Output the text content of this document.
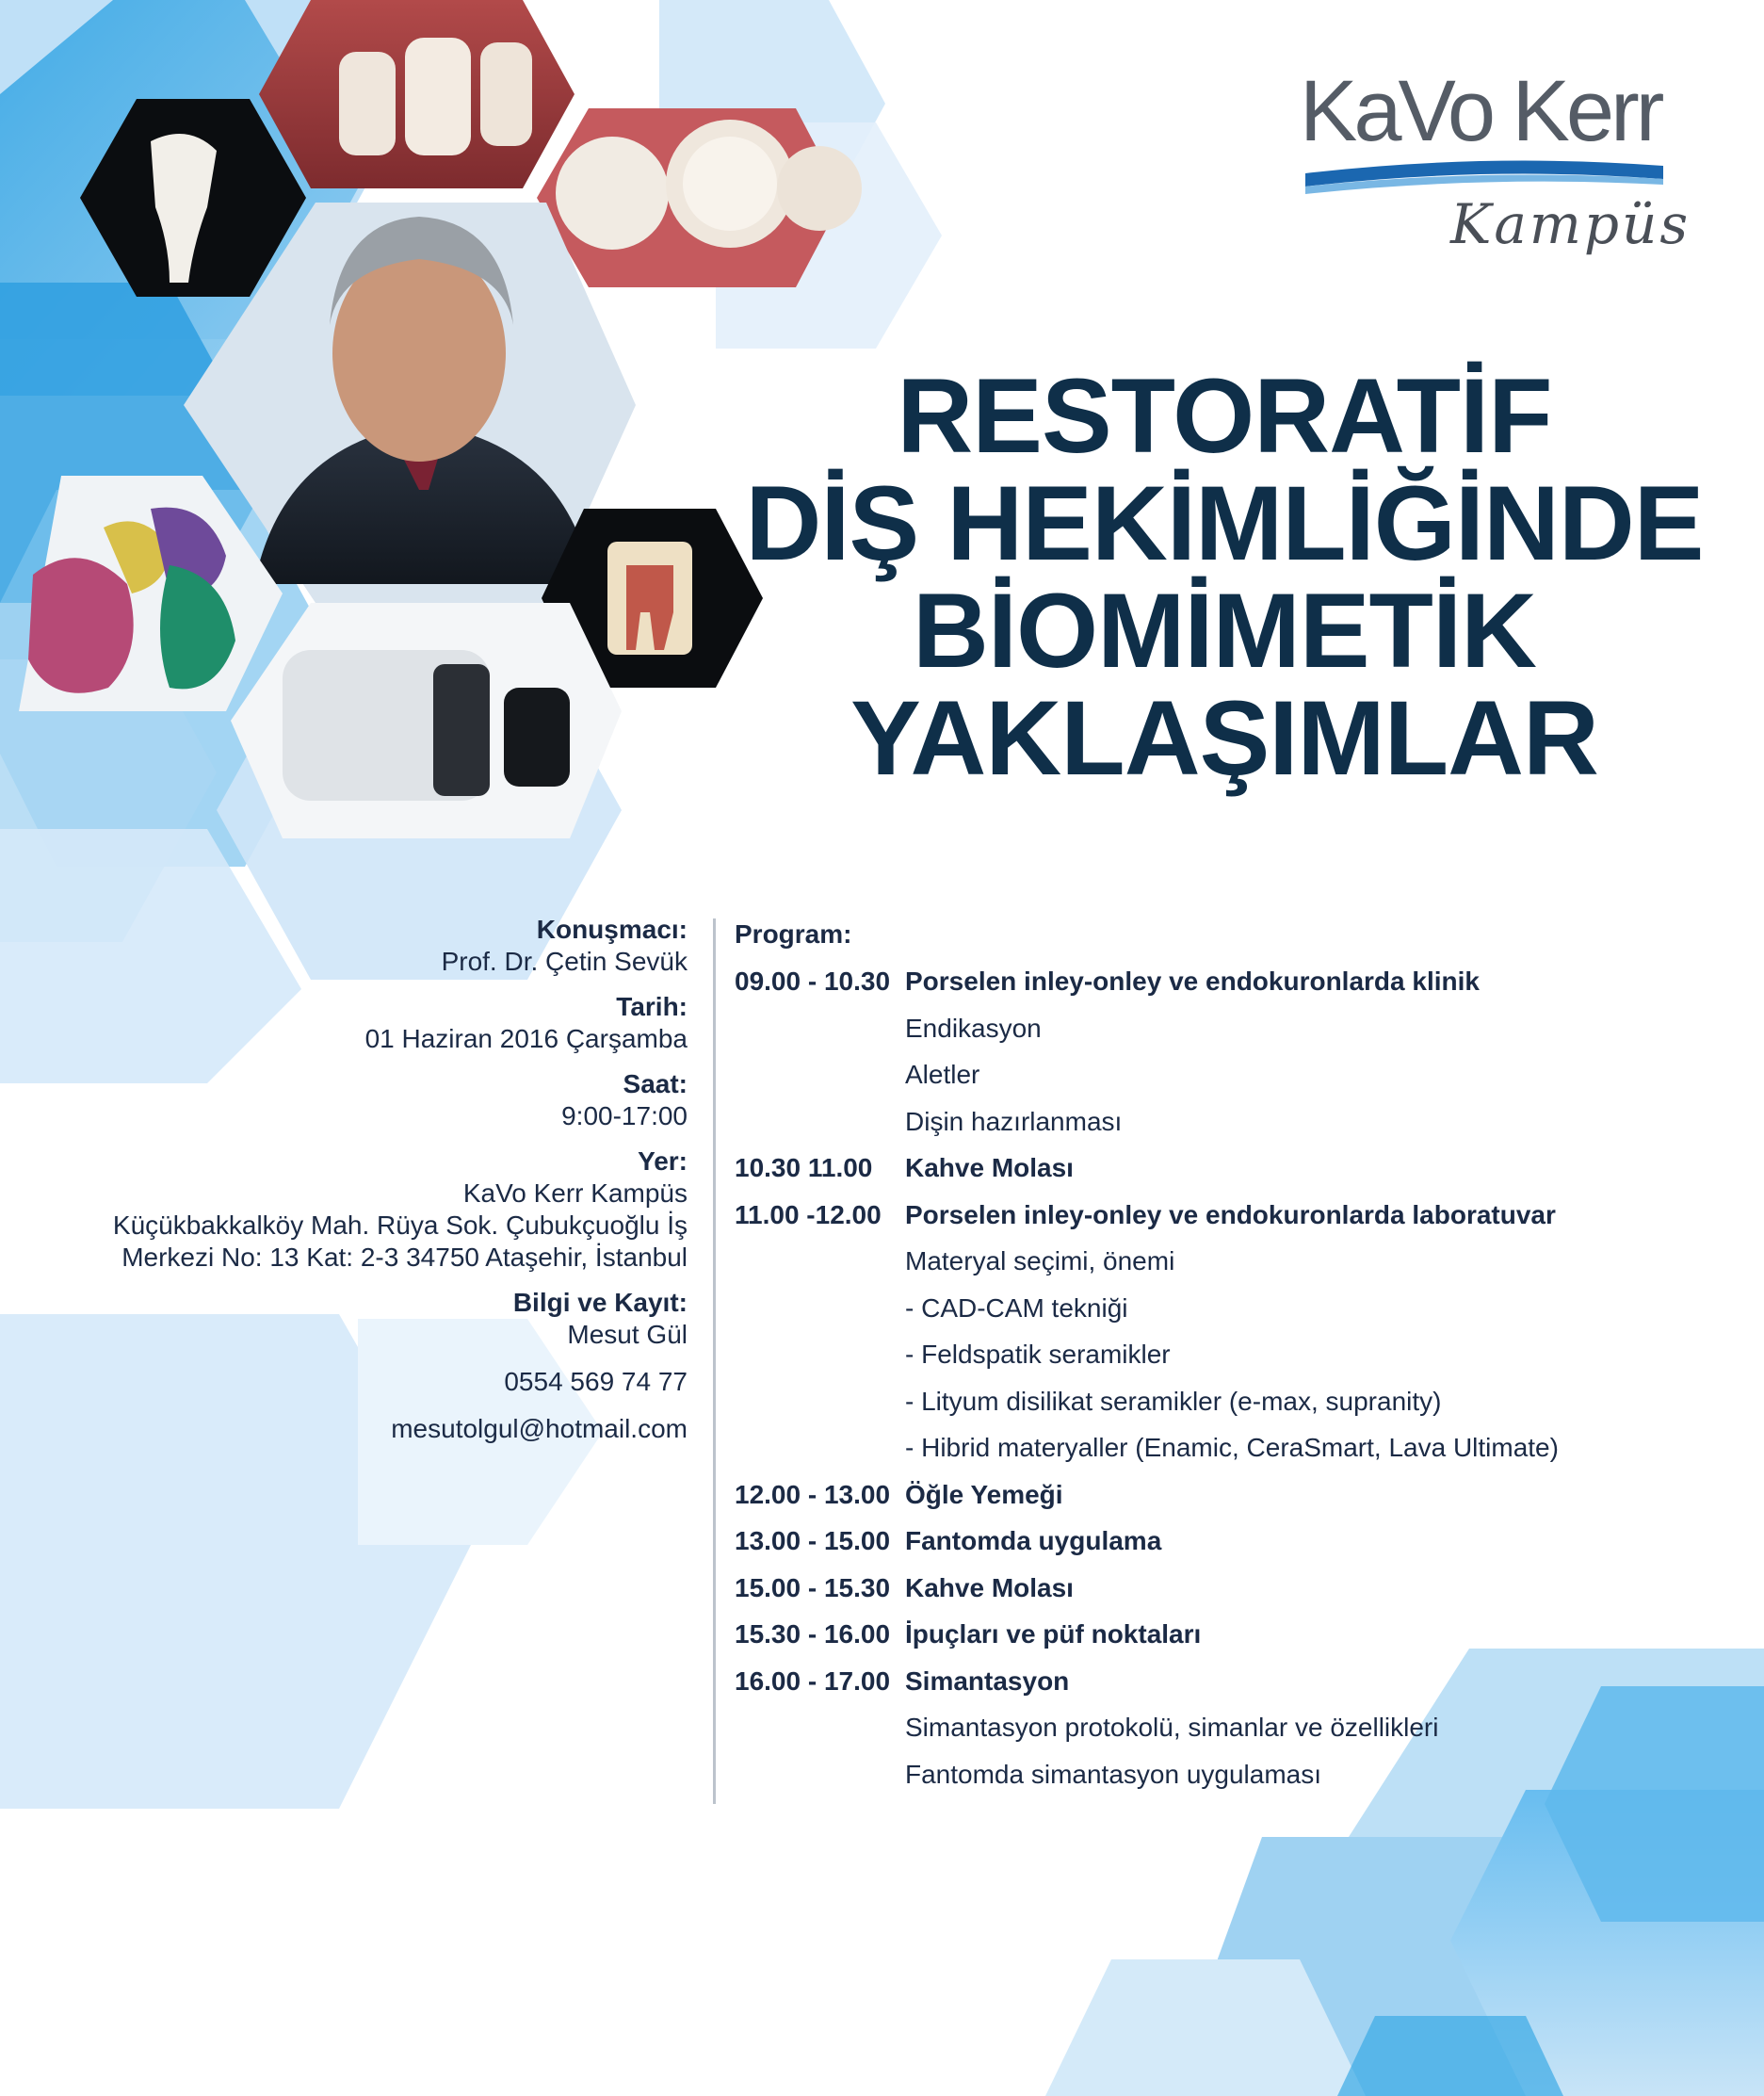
KaVo Kerr
Kampüs
RESTORATİF
DİŞ HEKİMLİĞİNDE
BİOMİMETİK
YAKLAŞIMLAR
Konuşmacı:
Prof. Dr. Çetin Sevük
Tarih:
01 Haziran 2016 Çarşamba
Saat:
9:00-17:00
Yer:
KaVo Kerr Kampüs
Küçükbakkalköy Mah. Rüya Sok. Çubukçuoğlu İş
Merkezi No: 13 Kat: 2-3 34750 Ataşehir, İstanbul
Bilgi ve Kayıt:
Mesut Gül
0554 569 74 77
mesutolgul@hotmail.com
Program:
09.00 - 10.30 Porselen inley-onley ve endokuronlarda klinik
Endikasyon
Aletler
Dişin hazırlanması
10.30 11.00	Kahve Molası
11.00 -12.00 Porselen inley-onley ve endokuronlarda laboratuvar
Materyal seçimi, önemi
- CAD-CAM tekniği
- Feldspatik seramikler
- Lityum disilikat seramikler (e-max, supranity)
- Hibrid materyaller (Enamic, CeraSmart, Lava Ultimate)
12.00 - 13.00 Öğle Yemeği
13.00 - 15.00 Fantomda uygulama
15.00 - 15.30 Kahve Molası
15.30 - 16.00 İpuçları ve püf noktaları
16.00 - 17.00 Simantasyon
Simantasyon protokolü, simanlar ve özellikleri
Fantomda simantasyon uygulaması
